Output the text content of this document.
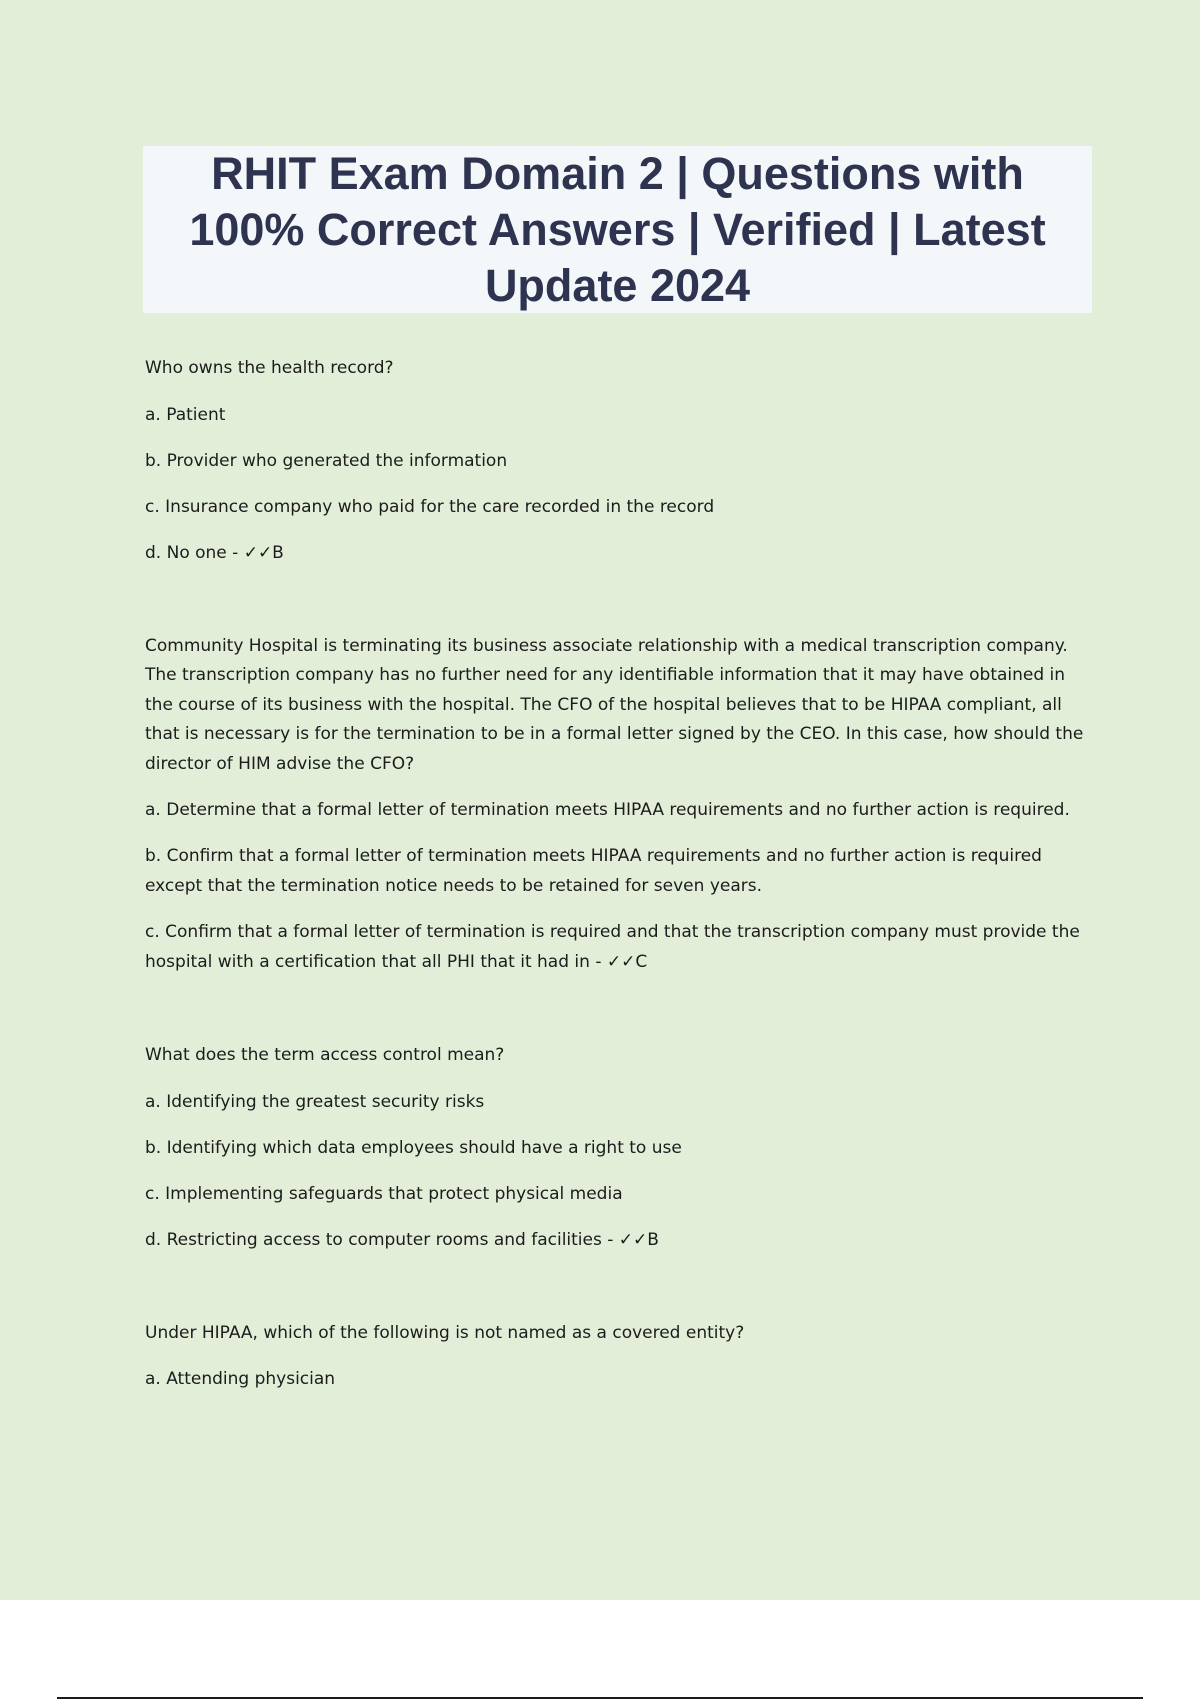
RHIT Exam Domain 2 | Questions with 100% Correct Answers | Verified | Latest Update 2024

Who owns the health record?

a. Patient

b. Provider who generated the information

c. Insurance company who paid for the care recorded in the record

d. No one - ✓✓B

Community Hospital is terminating its business associate relationship with a medical transcription company. The transcription company has no further need for any identifiable information that it may have obtained in the course of its business with the hospital. The CFO of the hospital believes that to be HIPAA compliant, all that is necessary is for the termination to be in a formal letter signed by the CEO. In this case, how should the director of HIM advise the CFO?

a. Determine that a formal letter of termination meets HIPAA requirements and no further action is required.

b. Confirm that a formal letter of termination meets HIPAA requirements and no further action is required except that the termination notice needs to be retained for seven years.

c. Confirm that a formal letter of termination is required and that the transcription company must provide the hospital with a certification that all PHI that it had in - ✓✓C

What does the term access control mean?

a. Identifying the greatest security risks

b. Identifying which data employees should have a right to use

c. Implementing safeguards that protect physical media

d. Restricting access to computer rooms and facilities - ✓✓B

Under HIPAA, which of the following is not named as a covered entity?

a. Attending physician
